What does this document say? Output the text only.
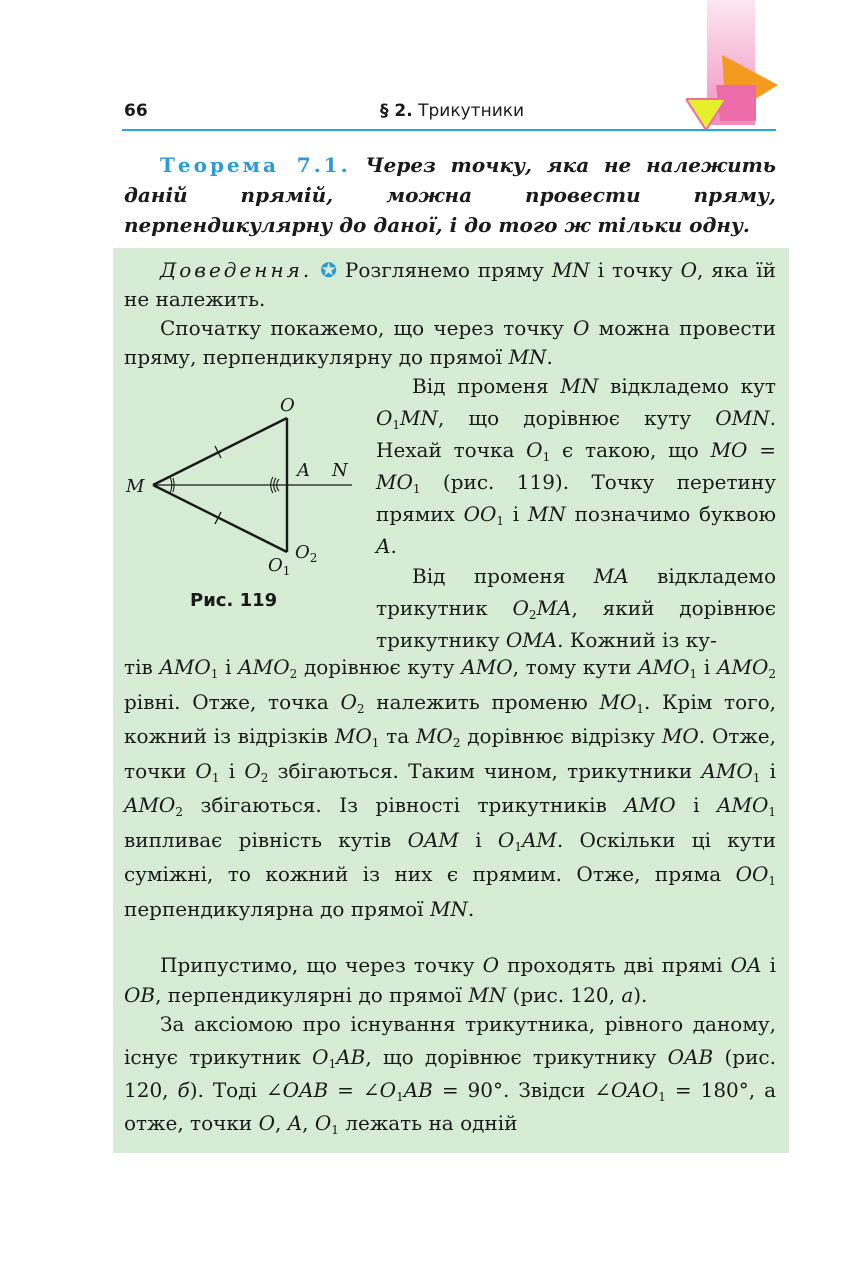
66	§ 2. Трикутники
Теорема 7.1. Через точку, яка не належить даній прямій, можна провести пряму, перпендикулярну до даної, і до того ж тільки одну.
Доведення. ✪ Розглянемо пряму MN і точку O, яка їй не належить.
Спочатку покажемо, що через точку O можна провести пряму, перпендикулярну до прямої MN.
Від променя MN відкладемо кут $O_1MN$, що дорівнює куту OMN. Нехай точка $O_1$ є такою, що MO = $MO_1$ (рис. 119). Точку перетину прямих $OO_1$ і MN позначимо буквою A.
Від променя MA відкладемо трикутник $O_2MA$, який дорівнює трикутнику OMA. Кожний із ку-
тів $AMO_1$ і $AMO_2$ дорівнює куту AMO, тому кути $AMO_1$ і $AMO_2$ рівні. Отже, точка $O_2$ належить променю $MO_1$. Крім того, кожний із відрізків $MO_1$ та $MO_2$ дорівнює відрізку MO. Отже, точки $O_1$ і $O_2$ збігаються. Таким чином, трикутники $AMO_1$ і $AMO_2$ збігаються. Із рівності трикутників AMO і $AMO_1$ випливає рівність кутів OAM і $O_1AM$. Оскільки ці кути суміжні, то кожний із них є прямим. Отже, пряма $OO_1$ перпендикулярна до прямої MN.
Припустимо, що через точку O проходять дві прямі OA і OB, перпендикулярні до прямої MN (рис. 120, а).
За аксіомою про існування трикутника, рівного даному, існує трикутник $O_1AB$, що дорівнює трикутнику OAB (рис. 120, б). Тоді ∠OAB = $\angle O_1AB = 90^\circ$. Звідси $\angle OAO_1 = 180^\circ$, а отже, точки O, A, $O_1$ лежать на одній
O
M
A N
$O_1$
$O_2$
Рис. 119
